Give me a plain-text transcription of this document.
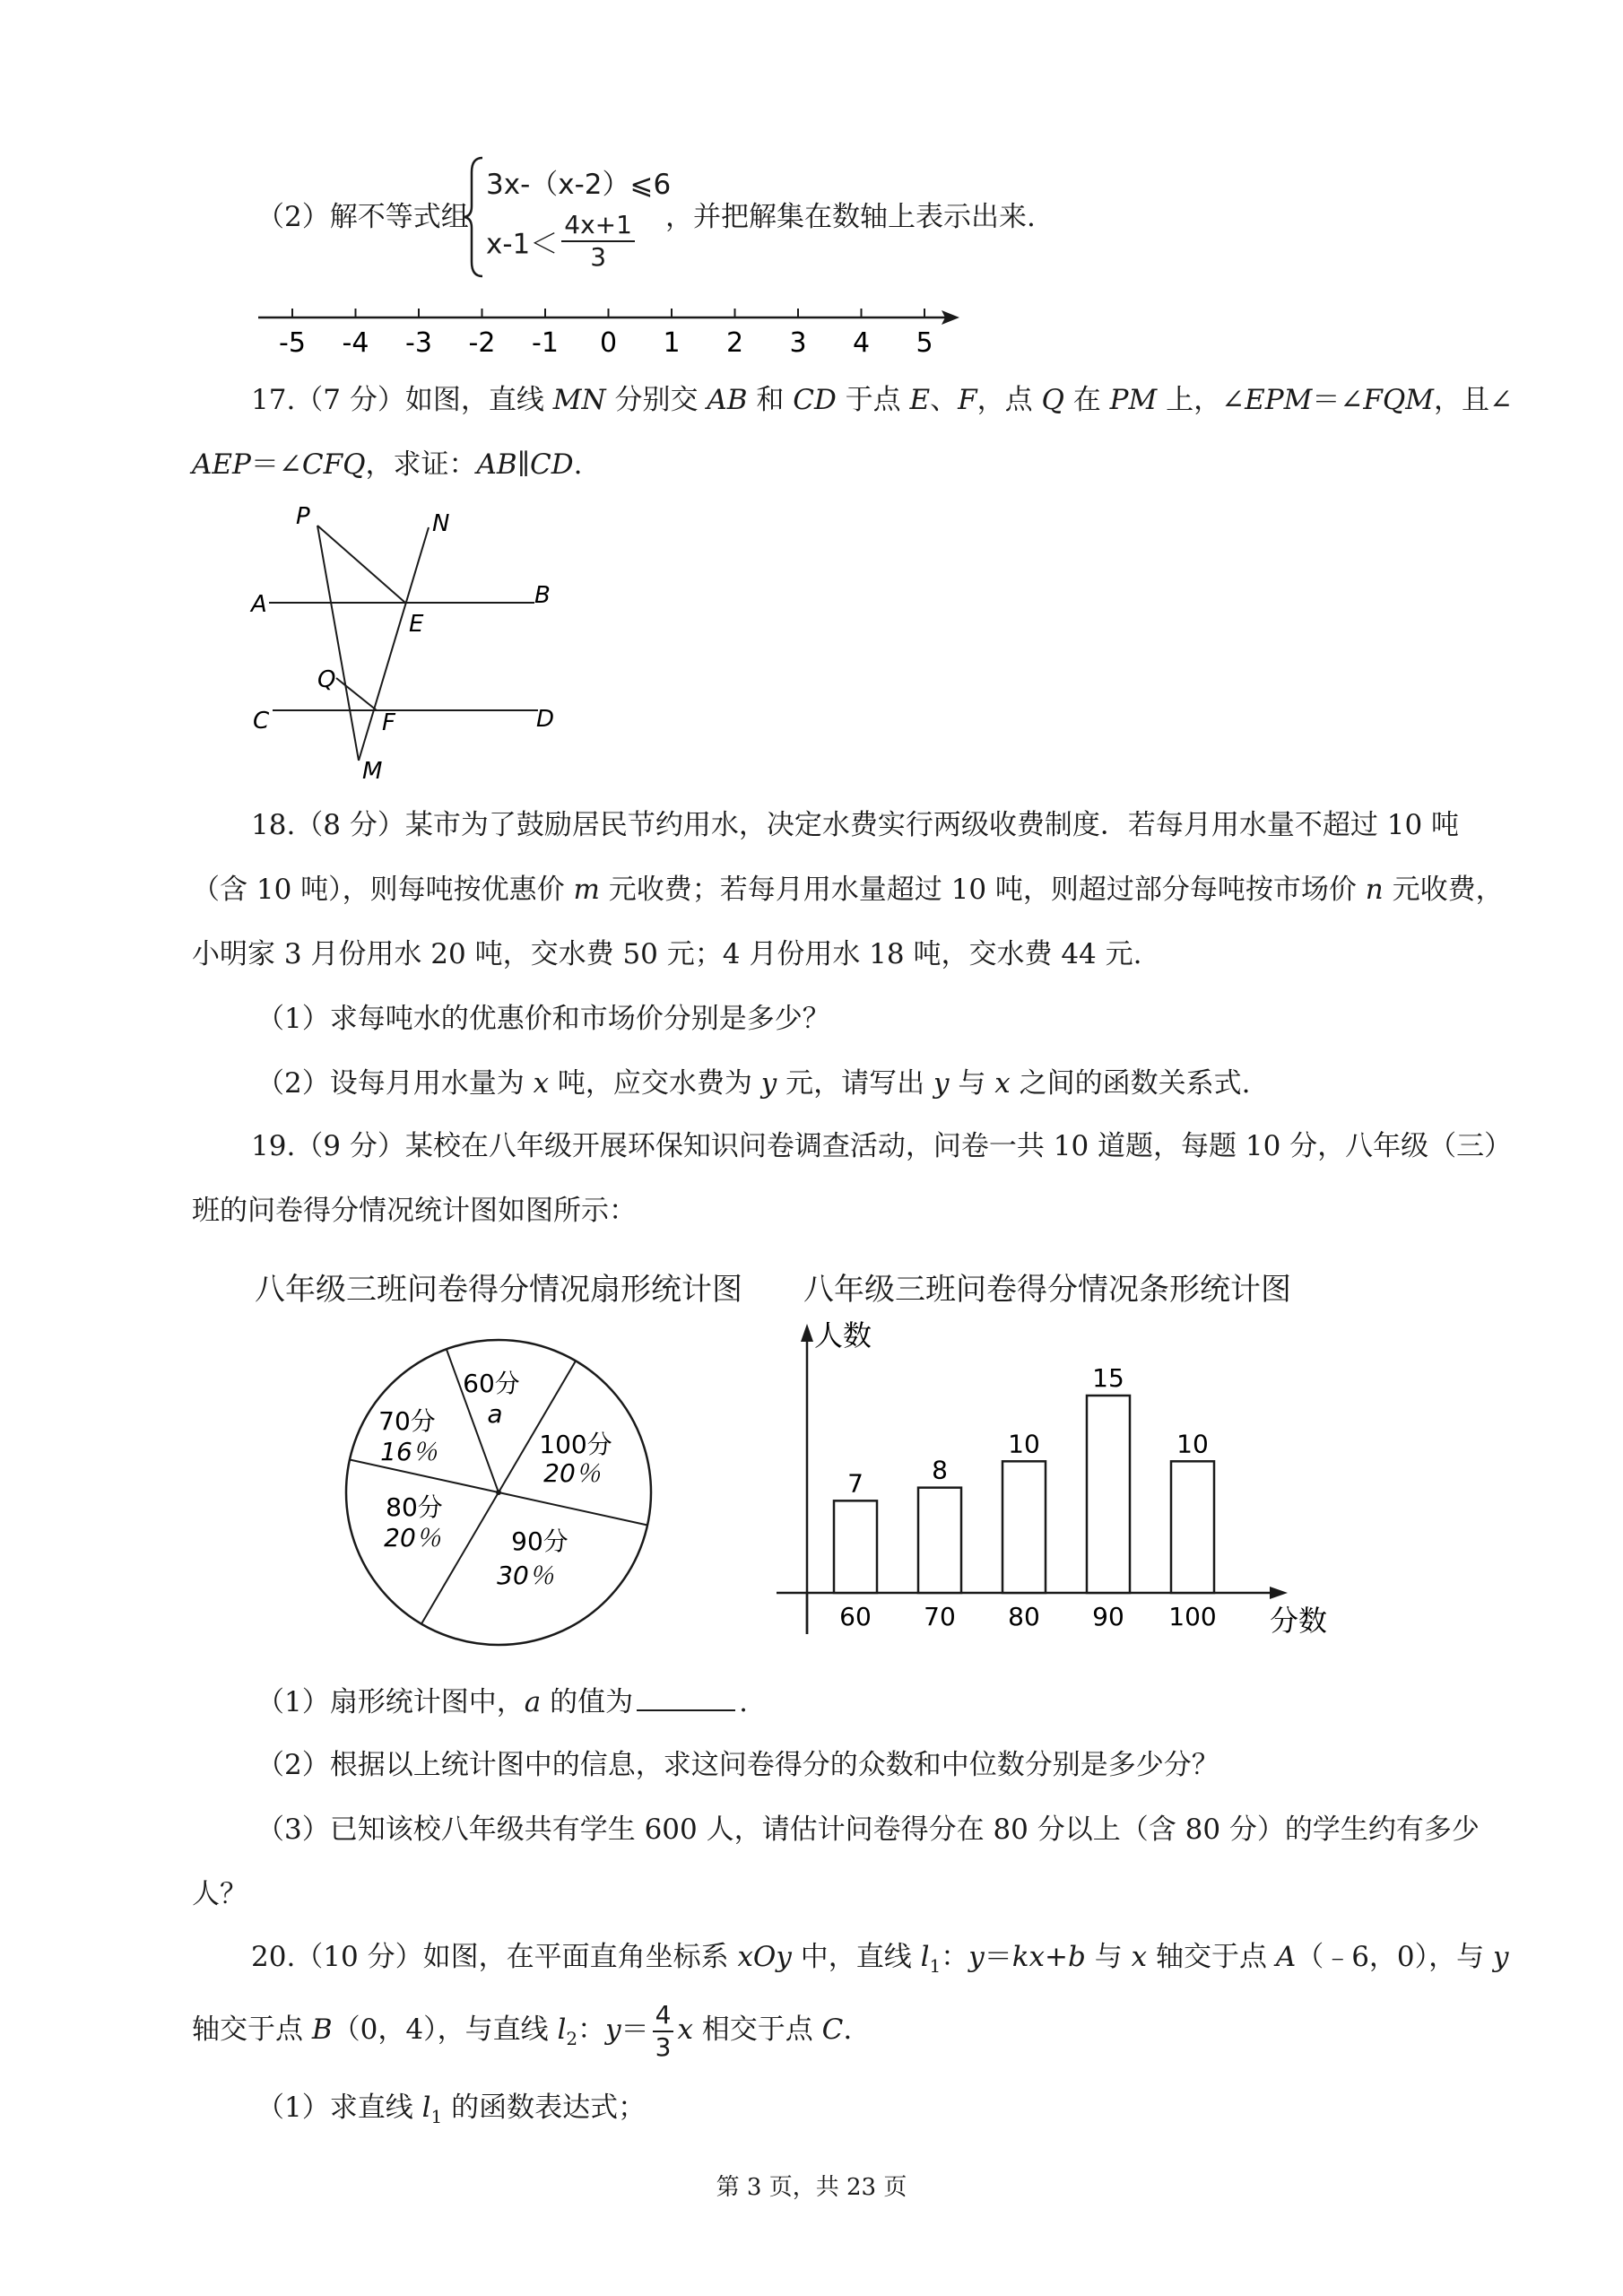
（2）解不等式组
3x-（x-2）⩽6
$x-1< \frac{4x+1}{3}$ ，并把解集在数轴上表示出来.
-5 -4 -3 -2 -1 0 1 2 3 4 5
17.（7 分）如图，直线 MN 分别交 AB 和 CD 于点 E、F，点 Q 在 PM 上，∠EPM＝∠FQM，且∠
AEP＝∠CFQ，求证：AB∥CD.
P	N
A	B
E
Q
C	F	D
M
18.（8 分）某市为了鼓励居民节约用水，决定水费实行两级收费制度．若每月用水量不超过 10 吨
（含 10 吨），则每吨按优惠价 m 元收费；若每月用水量超过 10 吨，则超过部分每吨按市场价 n 元收费，
小明家 3 月份用水 20 吨，交水费 50 元；4 月份用水 18 吨，交水费 44 元.
（1）求每吨水的优惠价和市场价分别是多少？
（2）设每月用水量为 x 吨，应交水费为 y 元，请写出 y 与 x 之间的函数关系式.
19.（9 分）某校在八年级开展环保知识问卷调查活动，问卷一共 10 道题，每题 10 分，八年级（三）
班的问卷得分情况统计图如图所示：
八年级三班问卷得分情况扇形统计图
60分
a
100分
20％
90分
30％
80分
20％
70分
16％
八年级三班问卷得分情况条形统计图
人数
分数
7
60
8
70
10
80
15
90
10
100
（1）扇形统计图中，a 的值为	.
（2）根据以上统计图中的信息，求这问卷得分的众数和中位数分别是多少分？
（3）已知该校八年级共有学生 600 人，请估计问卷得分在 80 分以上（含 80 分）的学生约有多少
人？
20.（10 分）如图，在平面直角坐标系 xOy 中，直线 $l_1$：y＝kx+b 与 x 轴交于点 A（﹣6，0），与 y
轴交于点 B（0，4），与直线 $l_2$：$y= \frac{4}{3}$ x 相交于点 C.
（1）求直线 $l_1$ 的函数表达式；
第 3 页，共 23 页
